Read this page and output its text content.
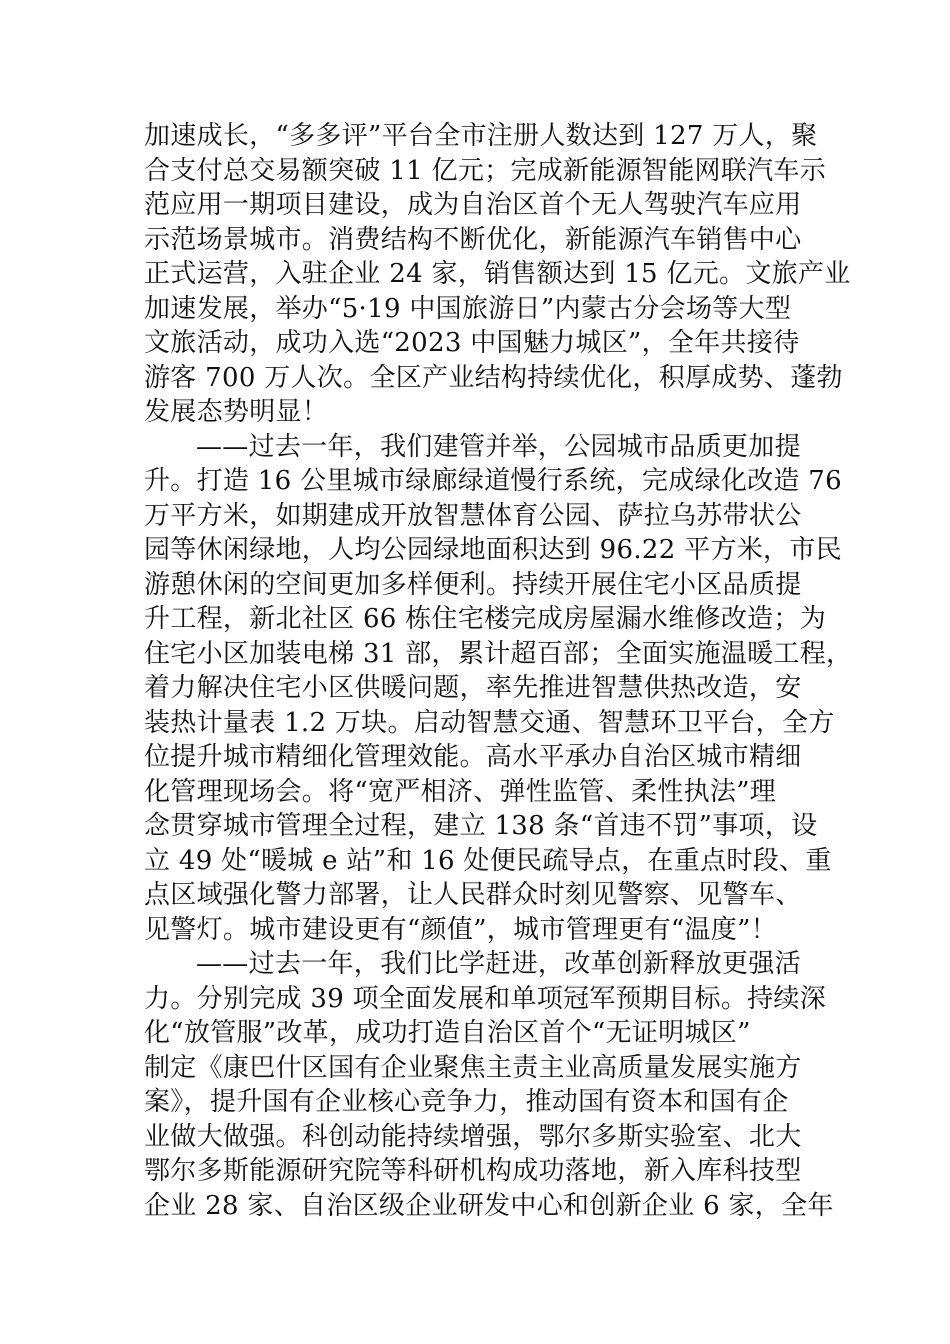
加速成长，“多多评”平台全市注册人数达到 127 万人，聚
合支付总交易额突破 11 亿元；完成新能源智能网联汽车示
范应用一期项目建设，成为自治区首个无人驾驶汽车应用
示范场景城市。消费结构不断优化，新能源汽车销售中心
正式运营，入驻企业 24 家，销售额达到 15 亿元。文旅产业
加速发展，举办“5·19 中国旅游日”内蒙古分会场等大型
文旅活动，成功入选“2023 中国魅力城区”，全年共接待
游客 700 万人次。全区产业结构持续优化，积厚成势、蓬勃
发展态势明显！
——过去一年，我们建管并举，公园城市品质更加提
升。打造 16 公里城市绿廊绿道慢行系统，完成绿化改造 76
万平方米，如期建成开放智慧体育公园、萨拉乌苏带状公
园等休闲绿地，人均公园绿地面积达到 96.22 平方米，市民
游憩休闲的空间更加多样便利。持续开展住宅小区品质提
升工程，新北社区 66 栋住宅楼完成房屋漏水维修改造；为
住宅小区加装电梯 31 部，累计超百部；全面实施温暖工程，
着力解决住宅小区供暖问题，率先推进智慧供热改造，安
装热计量表 1.2 万块。启动智慧交通、智慧环卫平台，全方
位提升城市精细化管理效能。高水平承办自治区城市精细
化管理现场会。将“宽严相济、弹性监管、柔性执法”理
念贯穿城市管理全过程，建立 138 条“首违不罚”事项，设
立 49 处“暖城 e 站”和 16 处便民疏导点，在重点时段、重
点区域强化警力部署，让人民群众时刻见警察、见警车、
见警灯。城市建设更有“颜值”，城市管理更有“温度”！
——过去一年，我们比学赶进，改革创新释放更强活
力。分别完成 39 项全面发展和单项冠军预期目标。持续深
化“放管服”改革，成功打造自治区首个“无证明城区”
制定《康巴什区国有企业聚焦主责主业高质量发展实施方
案》，提升国有企业核心竞争力，推动国有资本和国有企
业做大做强。科创动能持续增强，鄂尔多斯实验室、北大
鄂尔多斯能源研究院等科研机构成功落地，新入库科技型
企业 28 家、自治区级企业研发中心和创新企业 6 家，全年
